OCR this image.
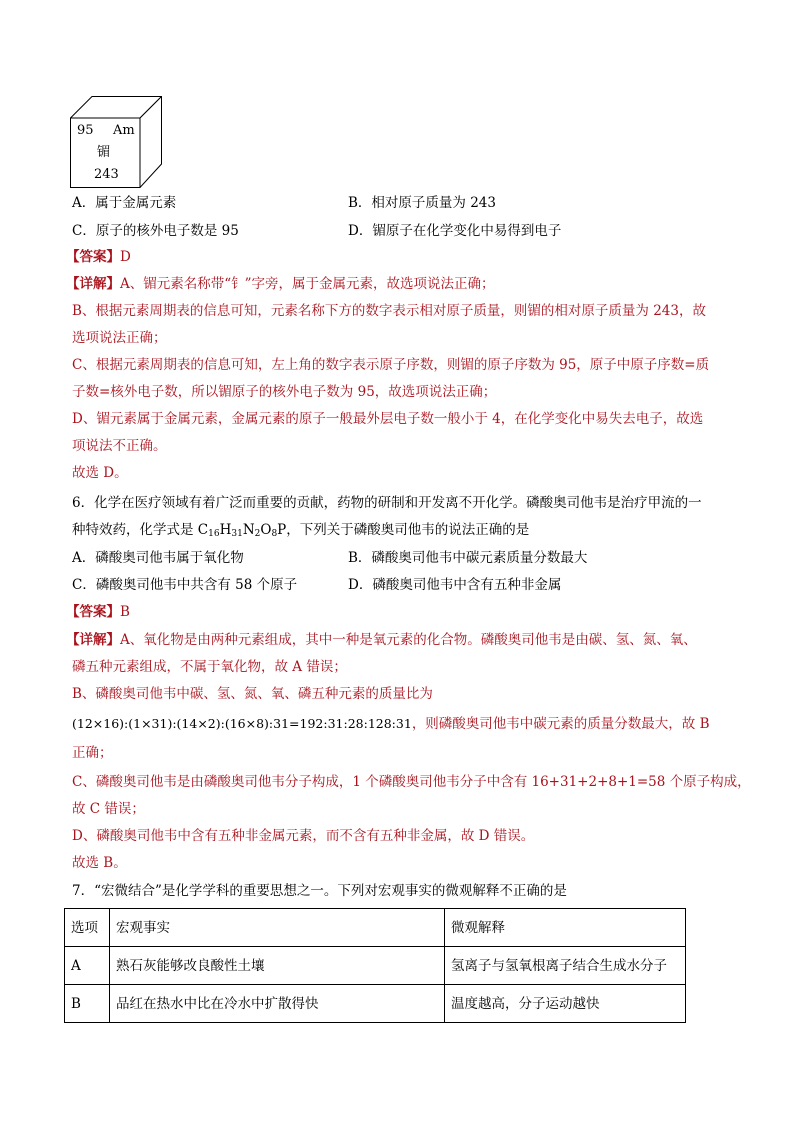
95 Am
镅
243
A．属于金属元素	B．相对原子质量为 243
C．原子的核外电子数是 95	D．镅原子在化学变化中易得到电子
【答案】D
【详解】A、镅元素名称带“钅”字旁，属于金属元素，故选项说法正确；
B、根据元素周期表的信息可知，元素名称下方的数字表示相对原子质量，则镅的相对原子质量为 243，故
选项说法正确；
C、根据元素周期表的信息可知，左上角的数字表示原子序数，则镅的原子序数为 95，原子中原子序数=质
子数=核外电子数，所以镅原子的核外电子数为 95，故选项说法正确；
D、镅元素属于金属元素，金属元素的原子一般最外层电子数一般小于 4，在化学变化中易失去电子，故选
项说法不正确。
故选 D。
6．化学在医疗领域有着广泛而重要的贡献，药物的研制和开发离不开化学。磷酸奥司他韦是治疗甲流的一
种特效药，化学式是 $C_{16}H_{31}N_2O_8P$，下列关于磷酸奥司他韦的说法正确的是
A．磷酸奥司他韦属于氧化物	B．磷酸奥司他韦中碳元素质量分数最大
C．磷酸奥司他韦中共含有 58 个原子	D．磷酸奥司他韦中含有五种非金属
【答案】B
【详解】A、氧化物是由两种元素组成，其中一种是氧元素的化合物。磷酸奥司他韦是由碳、氢、氮、氧、
磷五种元素组成，不属于氧化物，故 A 错误；
B、磷酸奥司他韦中碳、氢、氮、氧、磷五种元素的质量比为
(12×16):(1×31):(14×2):(16×8):31=192:31:28:128:31，则磷酸奥司他韦中碳元素的质量分数最大，故 B
正确；
C、磷酸奥司他韦是由磷酸奥司他韦分子构成，1 个磷酸奥司他韦分子中含有 16+31+2+8+1=58 个原子构成，
故 C 错误；
D、磷酸奥司他韦中含有五种非金属元素，而不含有五种非金属，故 D 错误。
故选 B。
7．“宏微结合”是化学学科的重要思想之一。下列对宏观事实的微观解释不正确的是
选项	宏观事实	微观解释
A	熟石灰能够改良酸性土壤	氢离子与氢氧根离子结合生成水分子
B	品红在热水中比在冷水中扩散得快	温度越高，分子运动越快
